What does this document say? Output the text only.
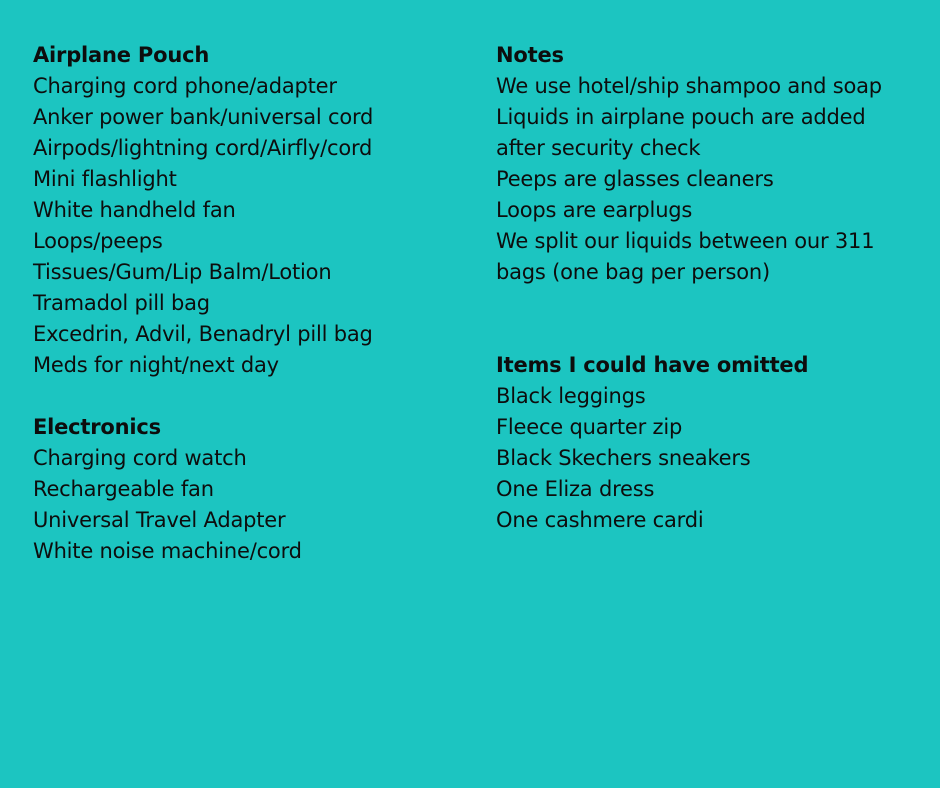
Airplane Pouch
Charging cord phone/adapter
Anker power bank/universal cord
Airpods/lightning cord/Airfly/cord
Mini flashlight
White handheld fan
Loops/peeps
Tissues/Gum/Lip Balm/Lotion
Tramadol pill bag
Excedrin, Advil, Benadryl pill bag
Meds for night/next day
Electronics
Charging cord watch
Rechargeable fan
Universal Travel Adapter
White noise machine/cord
Notes
We use hotel/ship shampoo and soap
Liquids in airplane pouch are added
after security check
Peeps are glasses cleaners
Loops are earplugs
We split our liquids between our 311
bags (one bag per person)
Items I could have omitted
Black leggings
Fleece quarter zip
Black Skechers sneakers
One Eliza dress
One cashmere cardi
